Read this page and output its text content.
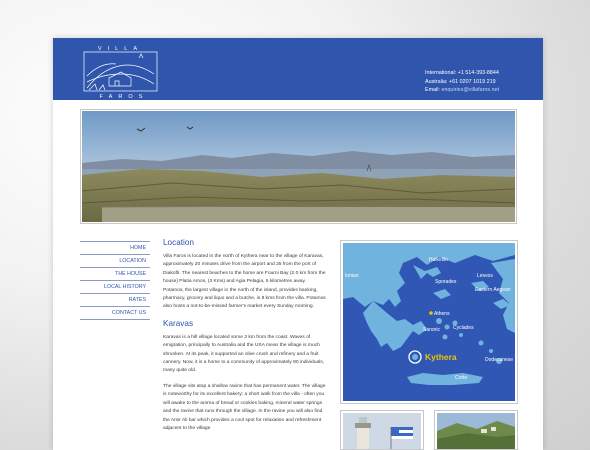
VILLA
FAROS
International: +1 514-393-8844
Australia: +61 0207 1019 219
Email: enquiries@villafaros.net
HOME
LOCATION
THE HOUSE
LOCAL HISTORY
RATES
CONTACT US
Location

Villa Faros is located in the north of Kythera near to the village of Karavas, approximately 20 minutes drive from the airport and 25 from the port of Diakofti. The nearest beaches to the home are Fourni Bay (2.0 km from the house) Platia Amos, (3 Kms) and Agia Pelagia, 5 kilometres away. Potamos, the largest village in the north of the island, provides banking, pharmacy, grocery and liquo and a butche, is 8 kms from the villa. Potamos also hosts a not-to-be-missed farmer's market every Sunday morning.

Karavas

Karavas is a hill village located some 3 km from the coast. Waves of emigration, principally to Australia and the USA mean the village is much shrunken. At its peak, it supported an olive crush and refinery and a fruit cannery. Now, it is a home to a community of approximately 80 individuals, many quite old.

The village sits atop a shallow ravine that has permanent water. The village is noteworthy for its excellent bakery; a short walk from the villa - often you will awake to the aroma of bread or cookies baking, mineral water springs and the ravine that runs through the village. In the ravine you will also find the Amir Ali bar which provides a cool spot for relaxation and refreshment adjacent to the village

Ionian
Halkidiki
Sporades
Lesvos
Eastern Aegean
Athens
Saronic	Cyclades
Dodecanese
Crete
Kythera
